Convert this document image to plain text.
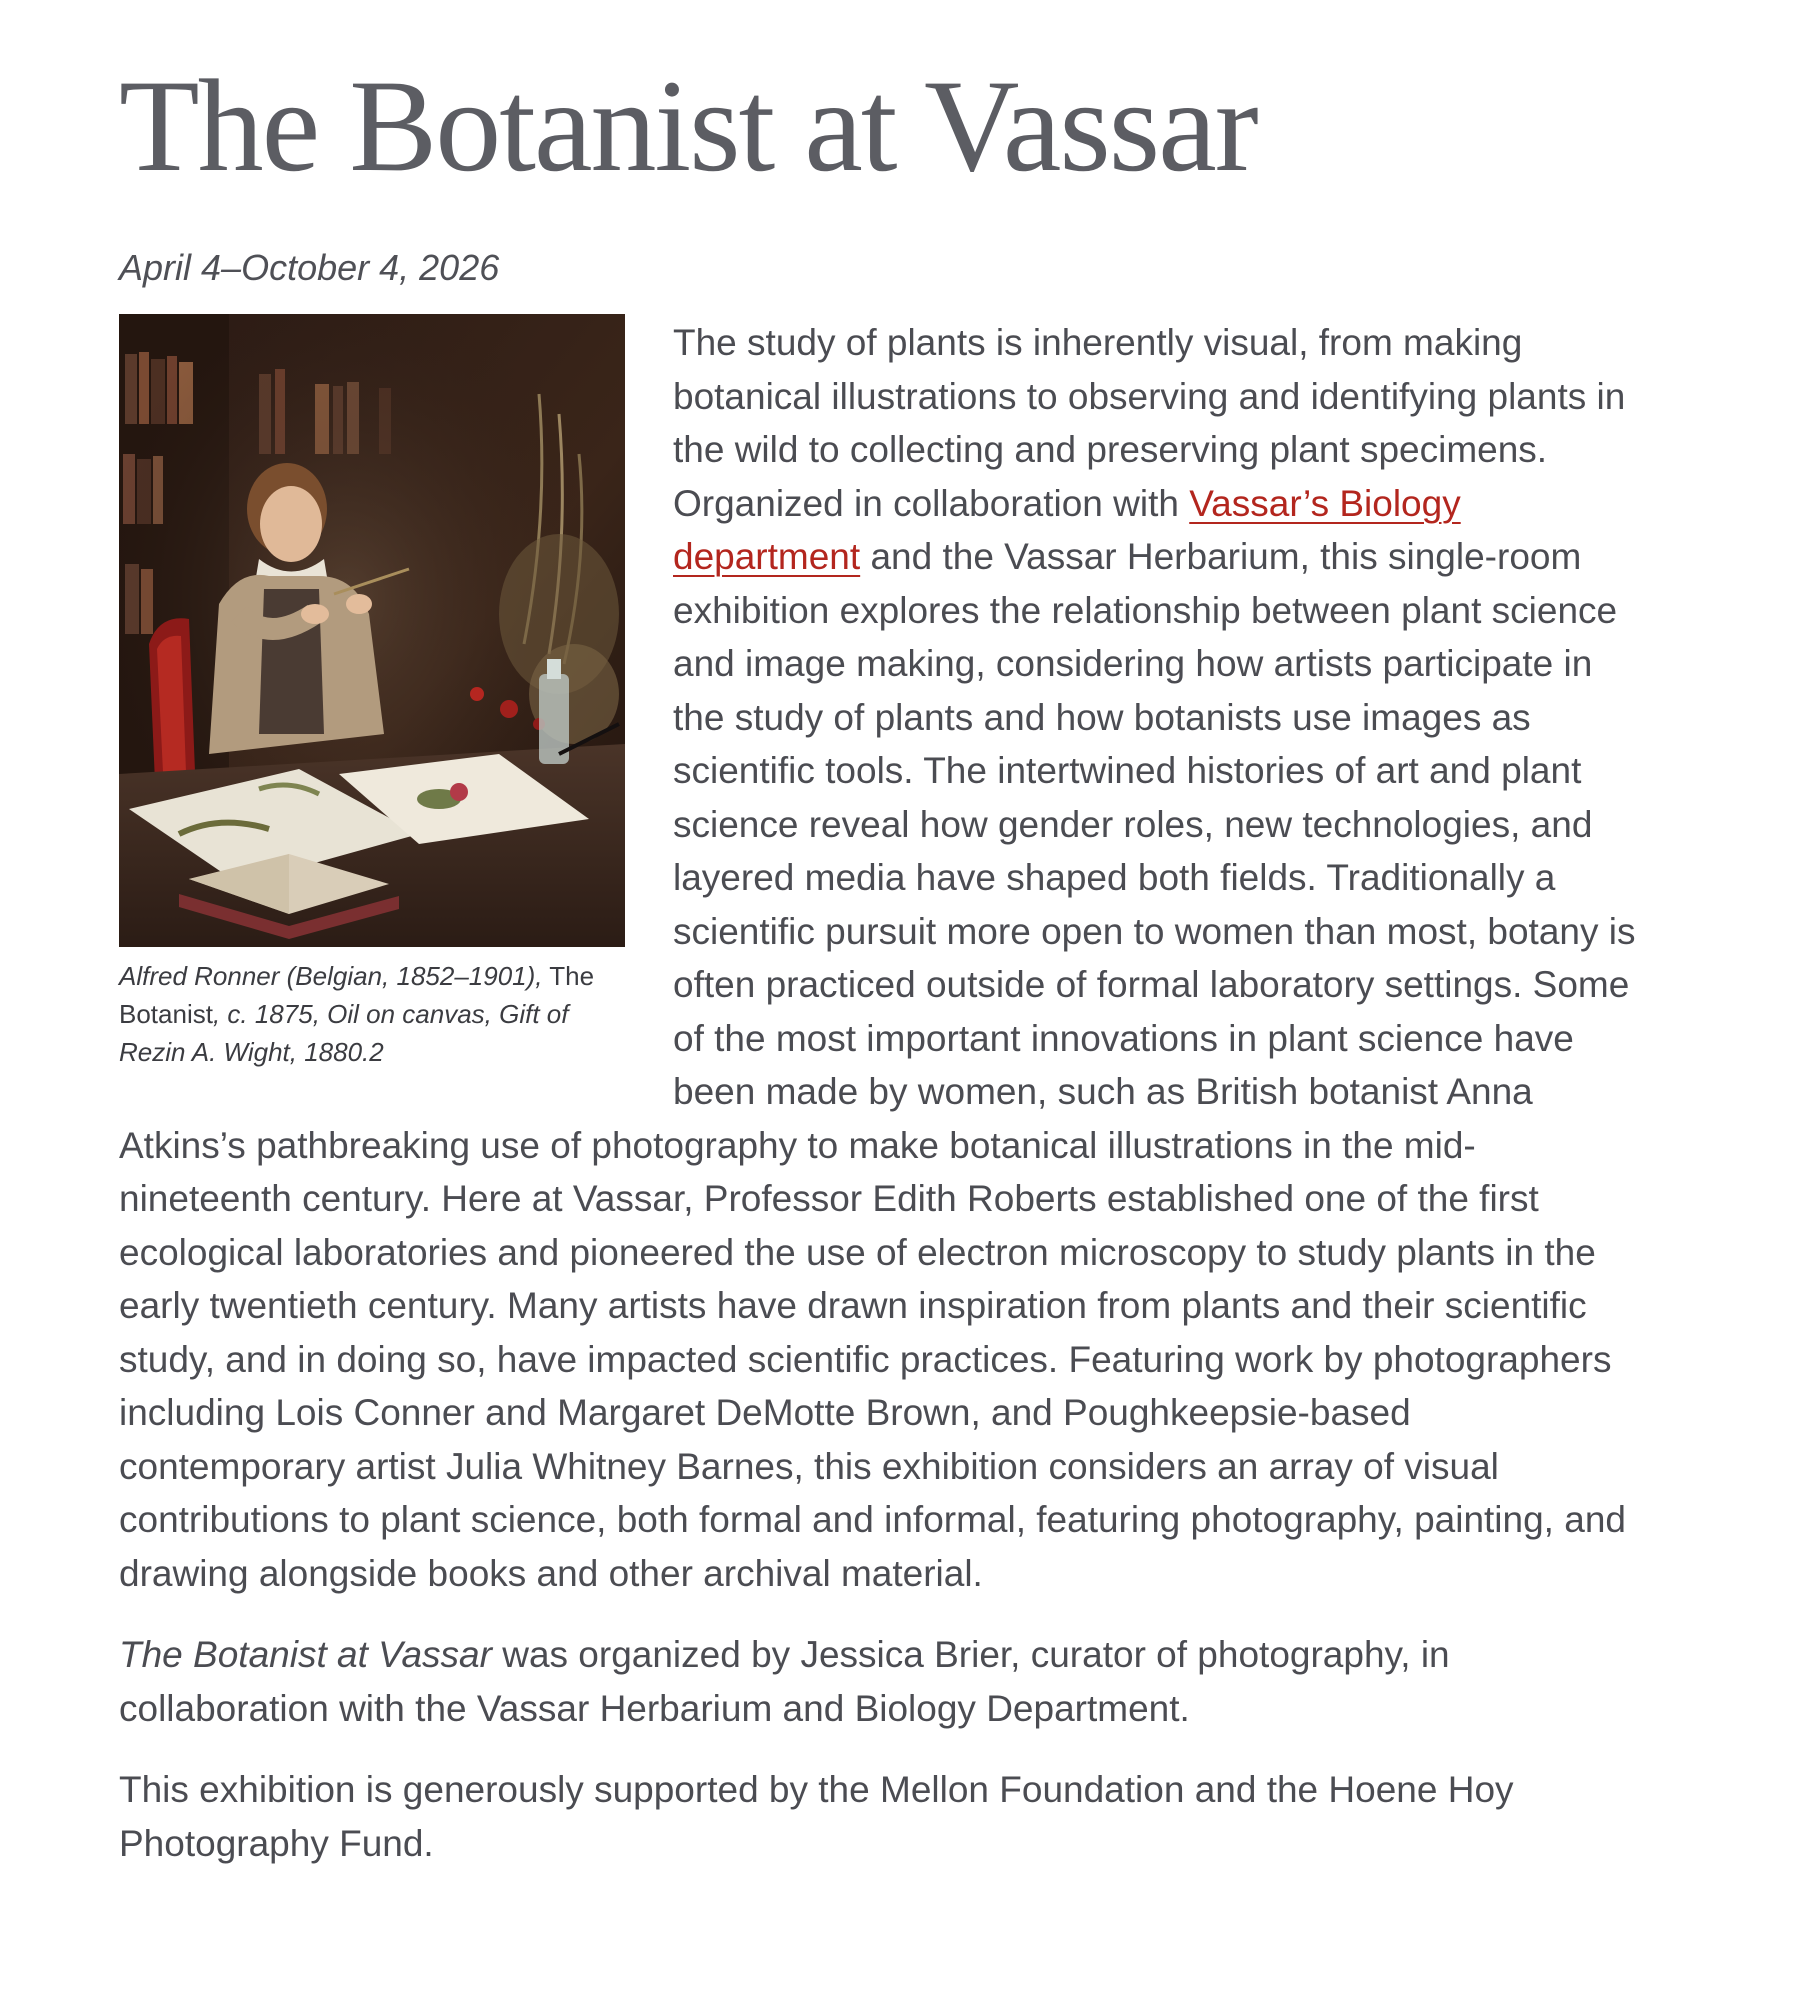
The Botanist at Vassar

April 4–October 4, 2026

Alfred Ronner (Belgian, 1852–1901), The Botanist, c. 1875, Oil on canvas, Gift of Rezin A. Wight, 1880.2

The study of plants is inherently visual, from making botanical illustrations to observing and identifying plants in the wild to collecting and preserving plant specimens. Organized in collaboration with Vassar’s Biology department and the Vassar Herbarium, this single-room exhibition explores the relationship between plant science and image making, considering how artists participate in the study of plants and how botanists use images as scientific tools. The intertwined histories of art and plant science reveal how gender roles, new technologies, and layered media have shaped both fields. Traditionally a scientific pursuit more open to women than most, botany is often practiced outside of formal laboratory settings. Some of the most important innovations in plant science have been made by women, such as British botanist Anna Atkins’s pathbreaking use of photography to make botanical illustrations in the mid-nineteenth century. Here at Vassar, Professor Edith Roberts established one of the first ecological laboratories and pioneered the use of electron microscopy to study plants in the early twentieth century. Many artists have drawn inspiration from plants and their scientific study, and in doing so, have impacted scientific practices. Featuring work by photographers including Lois Conner and Margaret DeMotte Brown, and Poughkeepsie-based contemporary artist Julia Whitney Barnes, this exhibition considers an array of visual contributions to plant science, both formal and informal, featuring photography, painting, and drawing alongside books and other archival material.

The Botanist at Vassar was organized by Jessica Brier, curator of photography, in collaboration with the Vassar Herbarium and Biology Department.

This exhibition is generously supported by the Mellon Foundation and the Hoene Hoy Photography Fund.
